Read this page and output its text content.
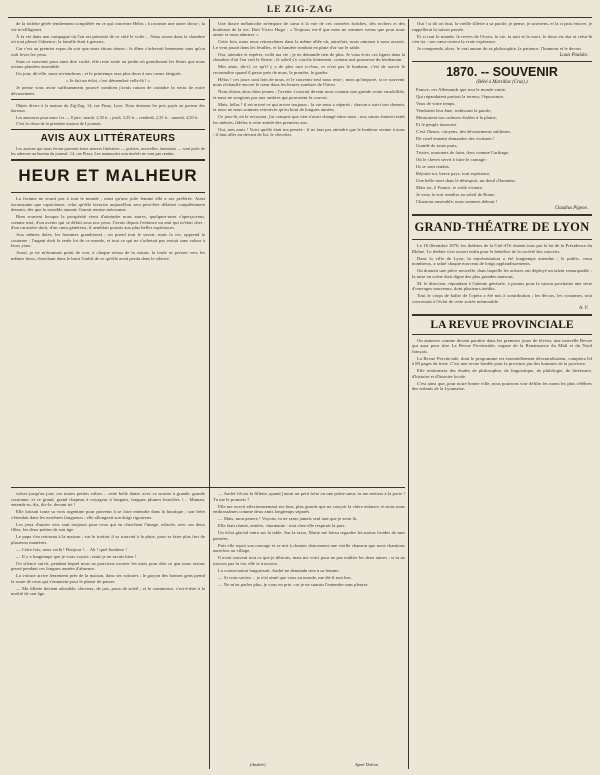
LE ZIG-ZAG

de la toilette gérée tendrement complétée en ce qui concerne Hélas ; à raconter une autre chose ; la vie m'affligerait.

À la vie dans une campagne où l'on est présenté de ce côté le voile… Nous avons dans la chambre où tout pleure l'absence; la famille était à genoux.

Car c'est au premier repas du soir que nous étions réunis ; le dîner s'achevait lentement sans qu'on osât lever les yeux.

Sans ce souvenir pour ainsi dire caché, elle reste seule au jardin où grandissent les fleurs que nous avions plantées ensemble.

Un jour, dit-elle, nous reviendrons ; et le printemps sera plus doux à nos cœurs fatigués.

« Je fait un éclat, c'est démembré celle-là ! »

Je pense vous avoir suffisamment prouvé combien j'avais raison de craindre la vertu de notre dévouement.

Objets divers à la maison du Zig-Zag, 14, rue Pizay, Lyon. Nous donnons les prix payés au porteur des bureaux.

Les annonces pour mars 1er — 8 juin : mardi, 2,50 fr. ; jeudi, 3,35 fr. ; vendredi, 2,35 fr. ; samedi, 4,50 fr.

C'est la chose de la première maison de Lyonnais.

AVIS AUX LITTÉRATEURS

Les auteurs qui nous feront parvenir leurs œuvres littéraires — poésies, nouvelles, fantaisies — sont priés de les adresser au bureau du journal, 14, rue Pizay. Les manuscrits non insérés ne sont pas rendus.

HEUR ET MALHEUR

La fortune ne sourit pas à tout le monde ; ainsi qu'une jolie femme elle a ses préférés. Ainsi inconstante que capricieuse, celui qu'elle favorise aujourd'hui sera peut-être délaissé complètement demain, dès que la sensible amante l'aurait remise méconnue.

Bien souvent lorsque la prospérité vient d'atteindre nous autres, quelques-unes s'aperçoivent, comme moi, d'un avenir qui se défait sous nos yeux. J'avais depuis l'enfance un ami qui m'était cher : d'un caractère droit, d'un cœur généreux, il semblait promis aux plus belles espérances.

Aux mêmes dates, les hommes grandissent ; on prend tout le savoir, mais la vie, apprend la coutume : l'argent était la seule loi de ce monde, et tout ce qui ne s'achetait pas restait sans valeur à leurs yeux.

Aussi, je ne m'étonnais point de voir, à chaque retour de la saison, la foule se presser vers les mêmes lieux, cherchant dans le bruit l'oubli de ce qu'elle avait perdu dans le silence.

valses jusqu'au jour, ces toutes petites valses… cette belle dame, avec ce sourire à grande, grande couronne, et ce grand, grand chapeau à voyageur à longues, longues plumes bouclées !… Maman, entends-tu, dis, dis-le, devant toi !

Elle laissait toute sa voix argentine pour parvenir à se faire entendre dans la boutique ; son frère s'étendait dans les extrêmes longueurs ; elle allongeait son doigt rigoureux.

Les yeux d'autres vers sont toujours pour ceux qui en cherchent l'image, effacée, avec ses deux filles, les deux petites de son âge.

Le papa s'en retourna à la maison ; sur le trottoir il se trouvait à la pluie, pour se faire plus fort de plusieurs manières.

— Cette fois, nous voilà ! Bonjour !… Ah ! quel bonheur !

— Il y a longtemps que je vous voyais ; mais je ne savais bien !

Un silence suivit, pendant lequel nous ne pouvions trouver les mots pour dire ce que nous avions pensé pendant ces longues années d'absence.

La voiture arrive lentement près de la maison, dans ses voitures ; le garçon des bonnes gens prend la route de ceux qui s'ennuient pour le plaisir de passer.

— Ma fillette devient adorable, cheveux, de jais, poux de soleil ; et le commence, c'est-à-dire à la moitié de son âge.

Une douce mélancolie m'empare de cœur à la vue de ces contrées fraîches, des rochers et des bouleaux de la vie. Doit Victor Hugo : « Toujours est-il que nous ne sommes venus que pour nous aimer et nous admirer. »

Cette fois, nous nous retrouvâmes dans la même allée où, autrefois, nous aimions à nous asseoir. Le vent jouait dans les feuilles, et la lumière tombait en pluie d'or sur le sable.

Oui, attendre et espérer, voilà ma vie ; je ne demande rien de plus. Je vous écris ces lignes dans la chambre d'où l'on voit le fleuve ; le soleil s'y couche lentement, comme une promesse du lendemain.

Mes amis, dit-il, ce qu'il y a de plus rare ici-bas, ce n'est pas le bonheur, c'est de savoir le reconnaître quand il passe près de nous, le prendre, le garder.

Hélas ! ces jours sont loin de nous, et le souvenir seul nous reste ; mais qu'importe, si ce souvenir nous réchauffe encore le cœur dans les heures sombres de l'hiver.

Nous étions alors bien jeunes ; l'avenir s'ouvrait devant nous comme une grande route ensoleillée, et nous ne songions pas aux ombres qui pouvaient la couvrir.

Mais, hélas ! il est arrivé ce qui arrive toujours : la vie nous a séparés ; chacun a suivi son chemin, et nous ne nous sommes retrouvés qu'au bout de longues années.

Ce jour-là, en le revoyant, j'ai compris que rien n'avait changé entre nous ; nos cœurs étaient restés les mêmes, fidèles à cette amitié des premiers ans.

Oui, mes amis ! Voici quelle était ma pensée : il ne faut pas attendre que le bonheur vienne à nous ; il faut aller au-devant de lui, le chercher.

— André s'écria la fillette, quand j'aurai un petit frère ou une petite sœur, tu me mettras à la porte ! Tu me le promets ?

Elle me ouvrit affectueusement ses bras, plus grands que ne conçoit la chère enfance, et nous nous embrassâmes comme deux amis longtemps séparés.

— Mais, mon pauvre ! Voyons, tu ne seras jamais seul tant que je serai là.

Elle était réunie, entière, charmante : tout chez elle respirait la paix.

Un éclat glacial entra sur la table. Sur la tasse, Marie me laissa regarder les moins froides de mes pensées.

Puis elle reprit son ouvrage et se mit à chanter doucement une vieille chanson que nous chantions autrefois au village.

Il avait souvent tout ce que je désirais, mais me voici pour ne pas oublier les deux autres ; si tu ne trouves pas la vie, elle te trouvera.

La conversation languissait. André ne demanda rien à sa femme.

— Si vous saviez… je n'ai aimé que vous au monde, me dit-il tout bas.

— Ne m'en parlez plus, je vous en prie, car je ne saurais l'entendre sans pleurer.

(Andrée)	Aymé Dolron

Oui ! si tôt on faut, la vieille fillette a sa parole, je pense, je souviens, et la si paix encore, je rappellerai la saison passée.

Et si tout le monde, le revers de l'écrin, la vie, la nuit et la mort, le doux est dur et celui-là s'en ira ; son cœur restera la vraie espérance.

Je comprends, alors, le vrai amour de sa philosophie, la patience, l'honneur et le devoir.

Louis Poulain.

1870. -- SOUVENIR

(Bébé à Marsillac (Cruz).)

France, ces Allemands que tout le monde vante,

Qui répandaient partout la terreur, l'épouvante,

Vous de votre temps.

Vendaient leur âme, trahissant la parole,

Mesuraient nos cultures étalées à la plaine,

Et le peuple innocent.

C'est l'heure, citoyens, des dévouements sublimes,

De cruel ennemi demandez des victimes !

Grande de toute parts,

Tristes, mourants de faim, fiers comme Carthage,

Où le chevet servit à faire le carnage :

Ils se sont rendus.

Réjouis-toi, brave pays, tout espérance,

Une belle mort dans le désespoir, un deuil d'honneur.

Mais toi, ô France, te voilà vivante,

Je veux la voir renaître au soleil de Rome,

Chantons ensemble, nous sommes debout !

Claudius Pigeon.

GRAND-THÉATRE DE LYON

Le 18 décembre 1870, les théâtres de la Cité d'Or étaient tous par la loi de la Présidence du Rhône. Le théâtre s'est ouvert enfin pour le bénéfice de la société des concerts.

Dans la ville de Lyon, la représentation a été longtemps attendue ; le public, venu nombreux, a salué chaque morceau de longs applaudissements.

On donnait une pièce nouvelle, dans laquelle les artistes ont déployé un talent remarquable ; la mise en scène était digne des plus grandes maisons.

M. le directeur, répondant à l'attente générale, a promis pour la saison prochaine une série d'ouvrages nouveaux, dont plusieurs inédits.

Tout le corps de ballet de l'opéra a été mis à contribution ; les décors, les costumes, tout concourait à l'éclat de cette soirée mémorable.

A. V.

LA REVUE PROVINCIALE

On annonce comme devant paraître dans les premiers jours de février, une nouvelle Revue qui aura pour titre La Revue Provinciale, organe de la Renaissance du Midi et du Nord français.

La Revue Provinciale, dont le programme est essentiellement décentralisateur, comptera 64 à 80 pages de texte. C'est une revue fondée pour la province par des hommes de la province.

Elle renfermera des études de philosophie, de linguistique, de philologie, de littérature, d'histoire et d'histoire locale.

C'est ainsi que, pour notre bonne ville, nous pourrons voir défiler les noms les plus célèbres des enfants de la Lyonnaise.
